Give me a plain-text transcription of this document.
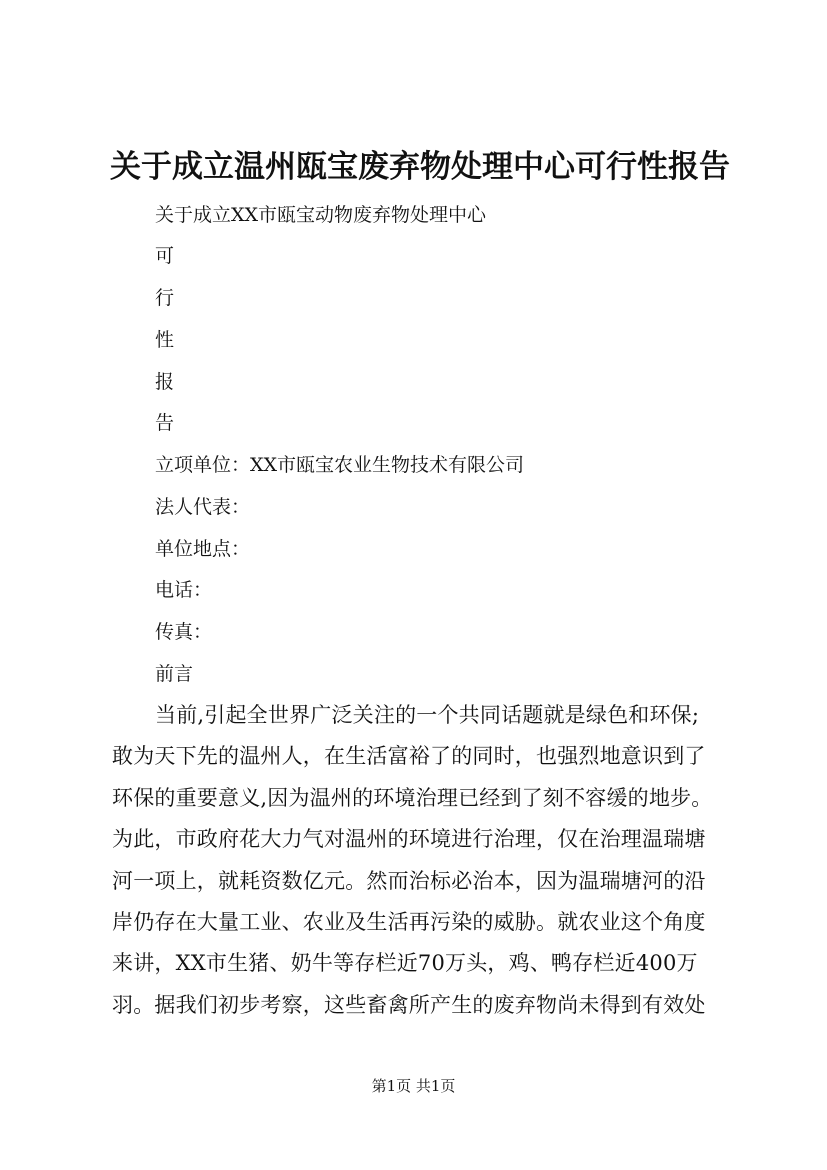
关于成立温州瓯宝废弃物处理中心可行性报告
关于成立XX市瓯宝动物废弃物处理中心
可
行
性
报
告
立项单位：XX市瓯宝农业生物技术有限公司
法人代表：
单位地点：
电话：
传真：
前言
当前,引起全世界广泛关注的一个共同话题就是绿色和环保;
敢为天下先的温州人，在生活富裕了的同时，也强烈地意识到了
环保的重要意义,因为温州的环境治理已经到了刻不容缓的地步。
为此，市政府花大力气对温州的环境进行治理，仅在治理温瑞塘
河一项上，就耗资数亿元。然而治标必治本，因为温瑞塘河的沿
岸仍存在大量工业、农业及生活再污染的威胁。就农业这个角度
来讲，XX市生猪、奶牛等存栏近70万头，鸡、鸭存栏近400万
羽。据我们初步考察，这些畜禽所产生的废弃物尚未得到有效处
第1页 共1页
